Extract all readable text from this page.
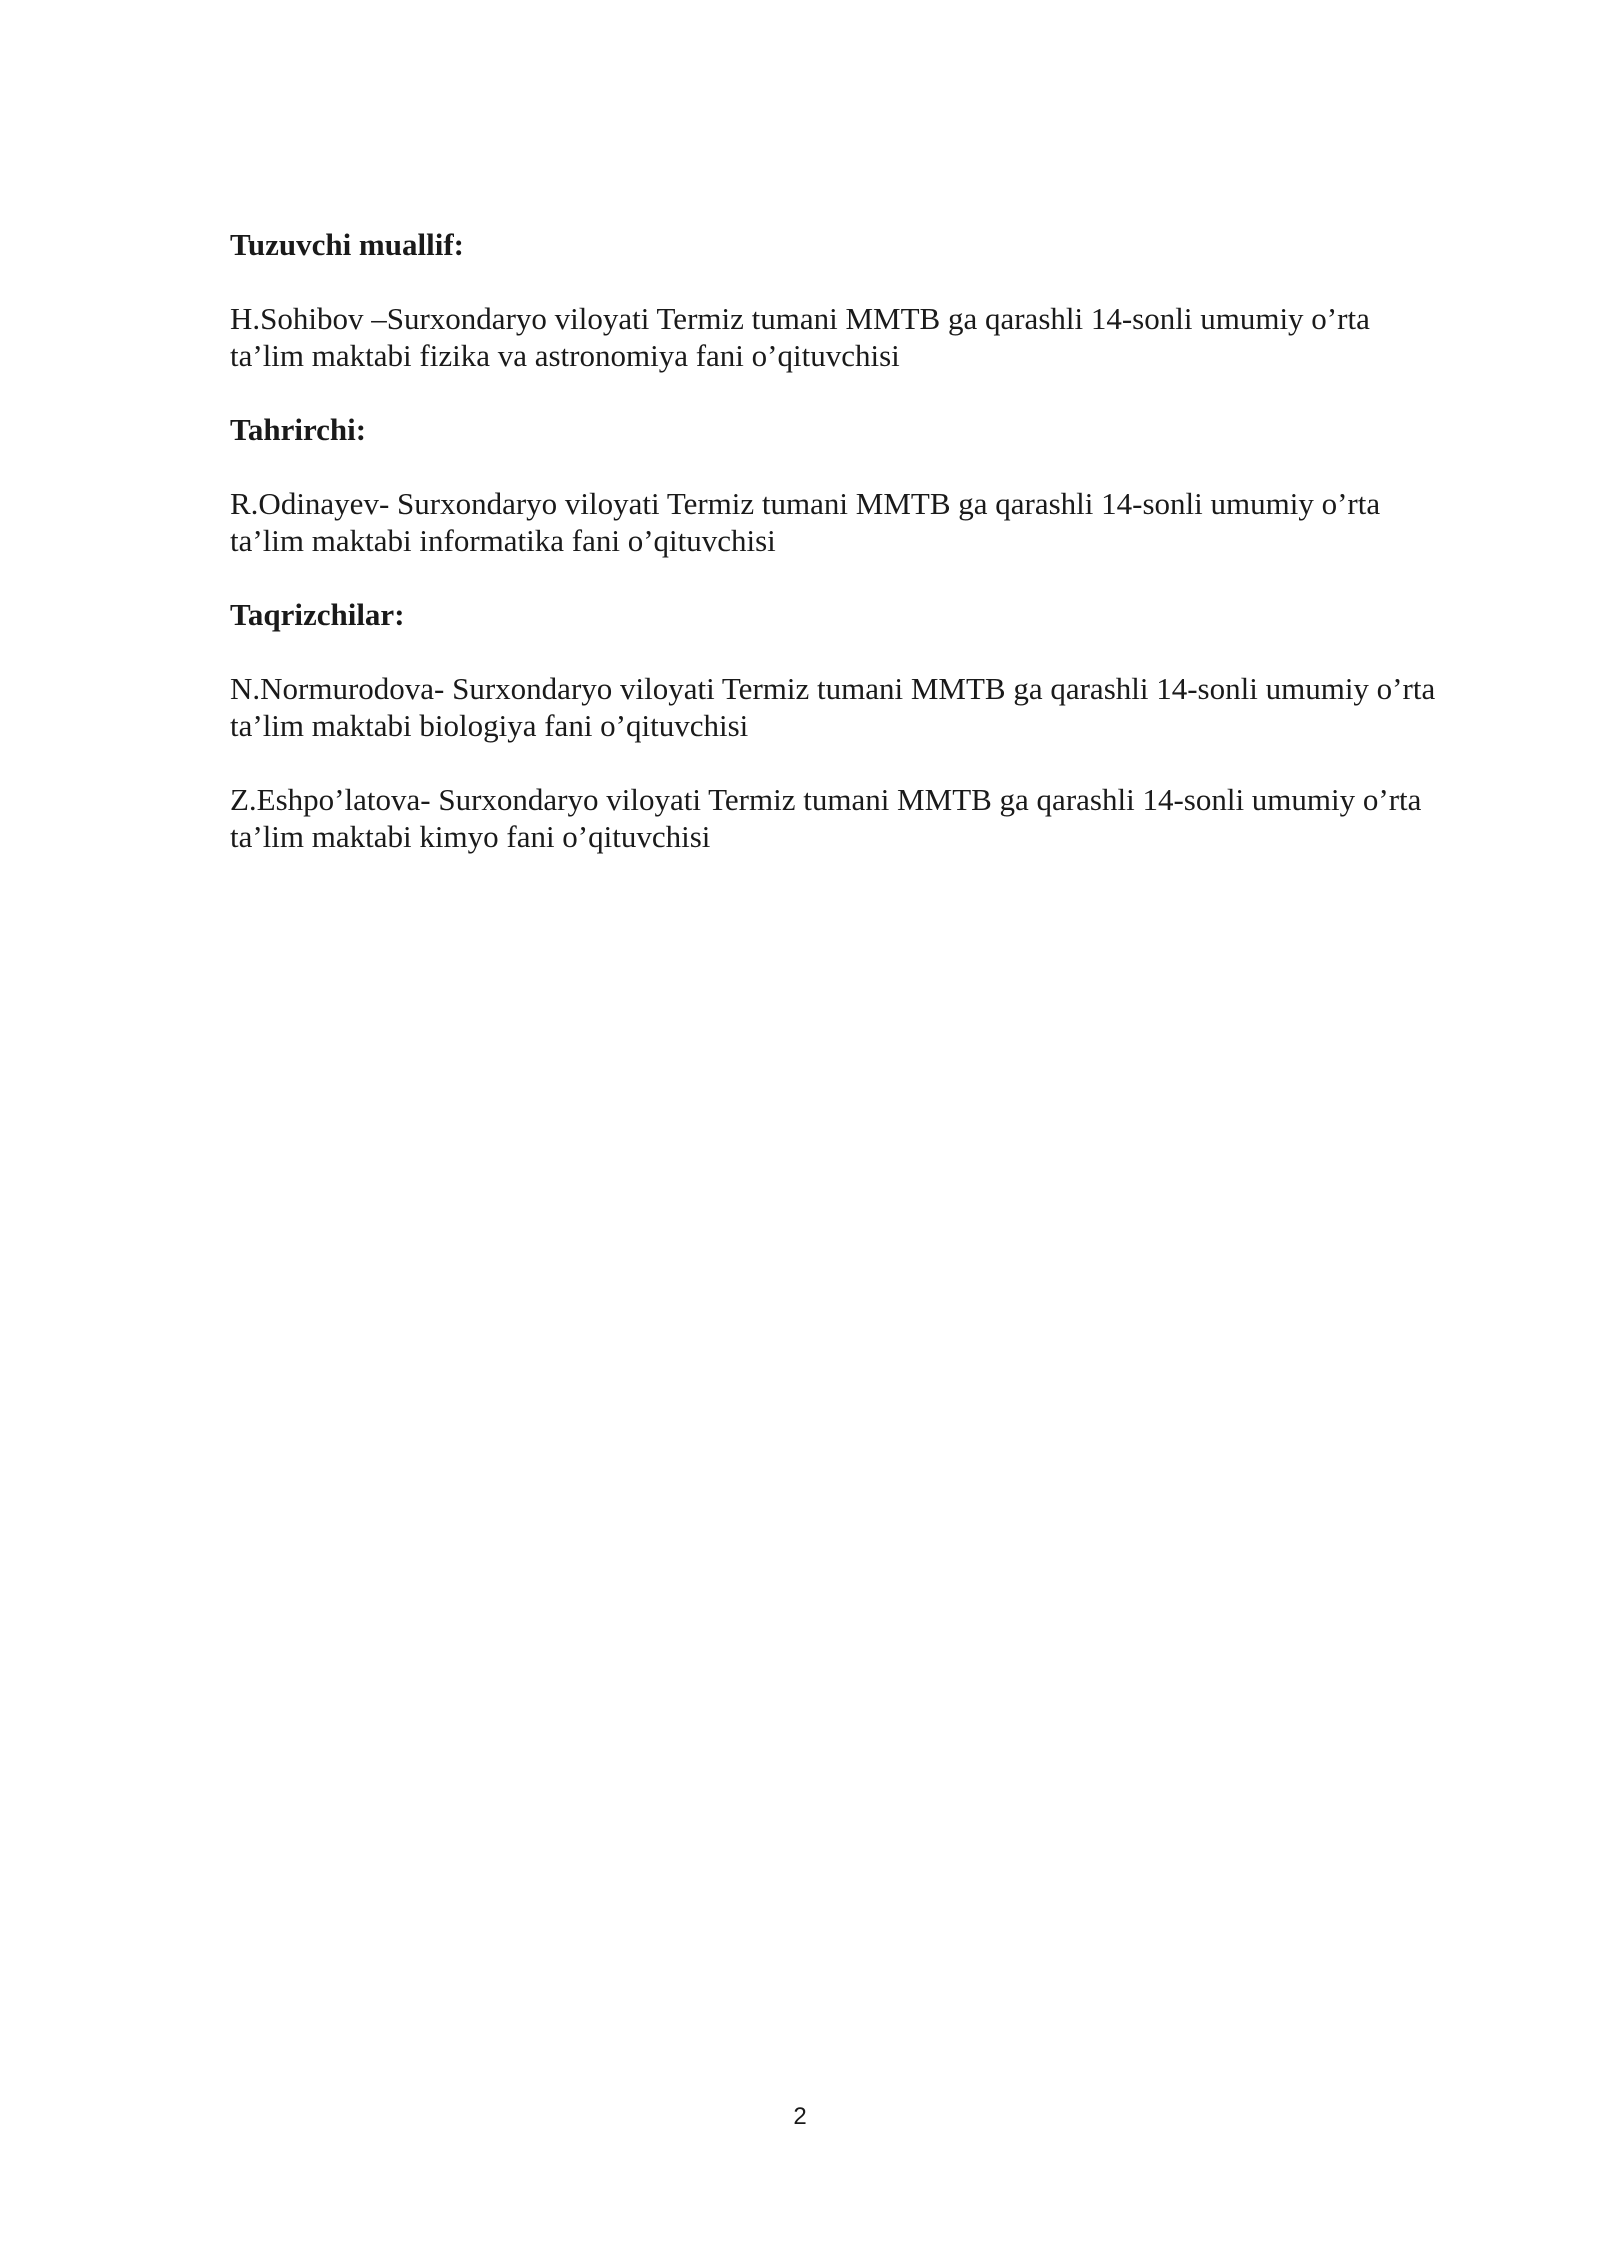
Tuzuvchi muallif:

H.Sohibov –Surxondaryo viloyati Termiz tumani MMTB ga qarashli 14-sonli umumiy o’rta
ta’lim maktabi fizika va astronomiya fani o’qituvchisi

Tahrirchi:

R.Odinayev- Surxondaryo viloyati Termiz tumani MMTB ga qarashli 14-sonli umumiy o’rta
ta’lim maktabi informatika fani o’qituvchisi

Taqrizchilar:

N.Normurodova- Surxondaryo viloyati Termiz tumani MMTB ga qarashli 14-sonli umumiy o’rta
ta’lim maktabi biologiya fani o’qituvchisi

Z.Eshpo’latova- Surxondaryo viloyati Termiz tumani MMTB ga qarashli 14-sonli umumiy o’rta
ta’lim maktabi kimyo fani o’qituvchisi

2
